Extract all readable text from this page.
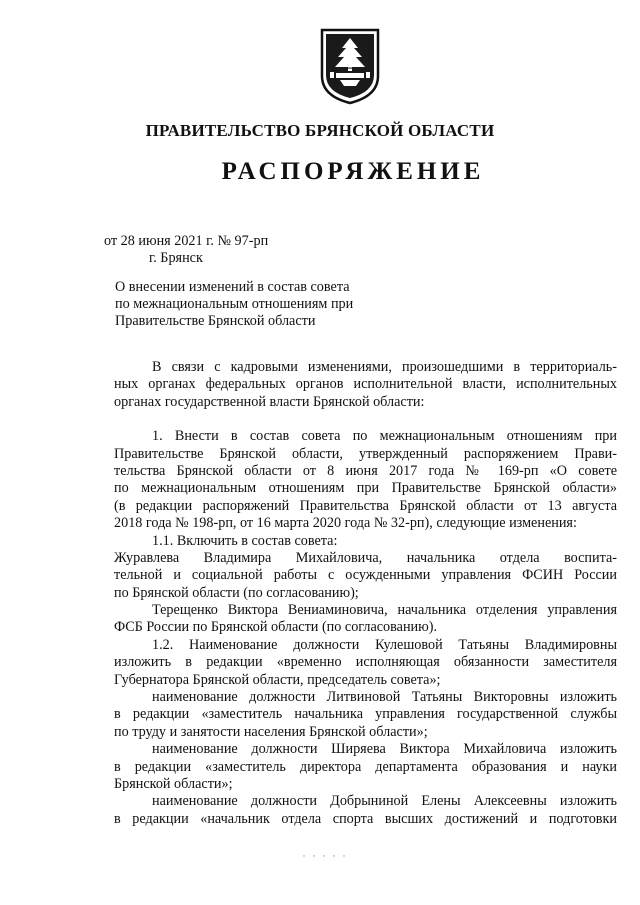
ПРАВИТЕЛЬСТВО БРЯНСКОЙ ОБЛАСТИ
РАСПОРЯЖЕНИЕ
от 28 июня 2021 г. № 97-рп
г. Брянск
О внесении изменений в состав совета
по межнациональным отношениям при
Правительстве Брянской области
В связи с кадровыми изменениями, произошедшими в территориаль-
ных органах федеральных органов исполнительной власти, исполнительных
органах государственной власти Брянской области:
1. Внести в состав совета по межнациональным отношениям при
Правительстве Брянской области, утвержденный распоряжением Прави-
тельства Брянской области от 8 июня 2017 года № 169-рп «О совете
по межнациональным отношениям при Правительстве Брянской области»
(в редакции распоряжений Правительства Брянской области от 13 августа
2018 года № 198-рп, от 16 марта 2020 года № 32-рп), следующие изменения:
1.1. Включить в состав совета:
Журавлева Владимира Михайловича, начальника отдела воспита-
тельной и социальной работы с осужденными управления ФСИН России
по Брянской области (по согласованию);
Терещенко Виктора Вениаминовича, начальника отделения управления
ФСБ России по Брянской области (по согласованию).
1.2. Наименование должности Кулешовой Татьяны Владимировны
изложить в редакции «временно исполняющая обязанности заместителя
Губернатора Брянской области, председатель совета»;
наименование должности Литвиновой Татьяны Викторовны изложить
в редакции «заместитель начальника управления государственной службы
по труду и занятости населения Брянской области»;
наименование должности Ширяева Виктора Михайловича изложить
в редакции «заместитель директора департамента образования и науки
Брянской области»;
наименование должности Добрыниной Елены Алексеевны изложить
в редакции «начальник отдела спорта высших достижений и подготовки
